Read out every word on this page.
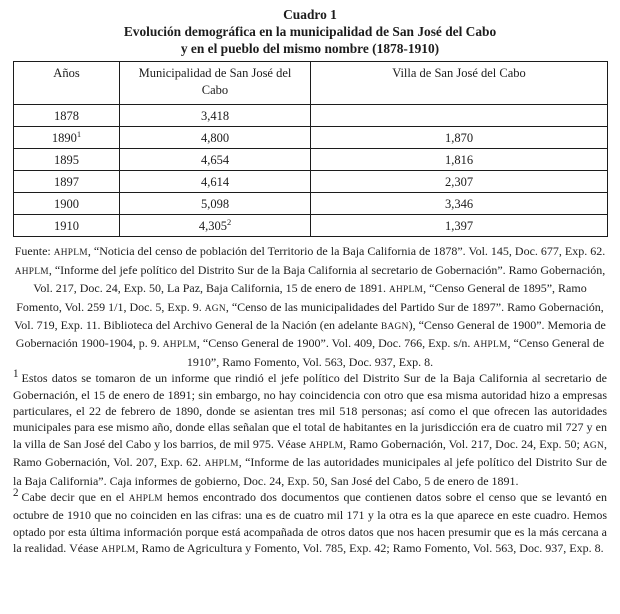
Cuadro 1
Evolución demográfica en la municipalidad de San José del Cabo
y en el pueblo del mismo nombre (1878-1910)
Años	Municipalidad de San José del Cabo	Villa de San José del Cabo
1878	3,418	
1890$^1$	4,800	1,870
1895	4,654	1,816
1897	4,614	2,307
1900	5,098	3,346
1910	4,305$^2$	1,397

Fuente: AHPLM, “Noticia del censo de población del Territorio de la Baja California de 1878”. Vol. 145, Doc. 677, Exp. 62. AHPLM, “Informe del jefe político del Distrito Sur de la Baja California al secretario de Gobernación”. Ramo Gobernación, Vol. 217, Doc. 24, Exp. 50, La Paz, Baja California, 15 de enero de 1891. AHPLM, “Censo General de 1895”, Ramo Fomento, Vol. 259 1/1, Doc. 5, Exp. 9. AGN, “Censo de las municipalidades del Partido Sur de 1897”. Ramo Gobernación, Vol. 719, Exp. 11. Biblioteca del Archivo General de la Nación (en adelante BAGN), “Censo General de 1900”. Memoria de Gobernación 1900-1904, p. 9. AHPLM, “Censo General de 1900”. Vol. 409, Doc. 766, Exp. s/n. AHPLM, “Censo General de 1910”, Ramo Fomento, Vol. 563, Doc. 937, Exp. 8.

$^1$ Estos datos se tomaron de un informe que rindió el jefe político del Distrito Sur de la Baja California al secretario de Gobernación, el 15 de enero de 1891; sin embargo, no hay coincidencia con otro que esa misma autoridad hizo a empresas particulares, el 22 de febrero de 1890, donde se asientan tres mil 518 personas; así como el que ofrecen las autoridades municipales para ese mismo año, donde ellas señalan que el total de habitantes en la jurisdicción era de cuatro mil 727 y en la villa de San José del Cabo y los barrios, de mil 975. Véase AHPLM, Ramo Gobernación, Vol. 217, Doc. 24, Exp. 50; AGN, Ramo Gobernación, Vol. 207, Exp. 62. AHPLM, “Informe de las autoridades municipales al jefe político del Distrito Sur de la Baja California”. Caja informes de gobierno, Doc. 24, Exp. 50, San José del Cabo, 5 de enero de 1891.

$^2$ Cabe decir que en el AHPLM hemos encontrado dos documentos que contienen datos sobre el censo que se levantó en octubre de 1910 que no coinciden en las cifras: una es de cuatro mil 171 y la otra es la que aparece en este cuadro. Hemos optado por esta última información porque está acompañada de otros datos que nos hacen presumir que es la más cercana a la realidad. Véase AHPLM, Ramo de Agricultura y Fomento, Vol. 785, Exp. 42; Ramo Fomento, Vol. 563, Doc. 937, Exp. 8.
